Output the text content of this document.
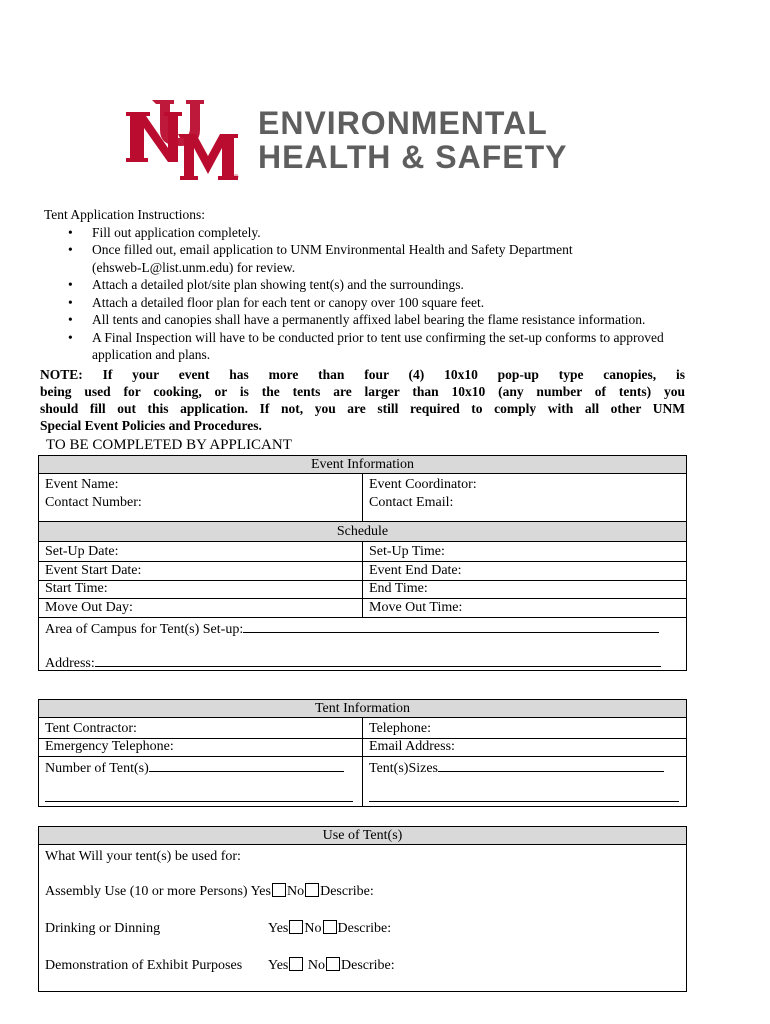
®
ENVIRONMENTAL
HEALTH & SAFETY
Tent Application Instructions:
• Fill out application completely.
• Once filled out, email application to UNM Environmental Health and Safety Department
(ehsweb-L@list.unm.edu) for review.
• Attach a detailed plot/site plan showing tent(s) and the surroundings.
• Attach a detailed floor plan for each tent or canopy over 100 square feet.
• All tents and canopies shall have a permanently affixed label bearing the flame resistance information.
• A Final Inspection will have to be conducted prior to tent use confirming the set-up conforms to approved
application and plans.
NOTE: If your event has more than four (4) 10x10 pop-up type canopies, is
being used for cooking, or is the tents are larger than 10x10 (any number of tents) you
should fill out this application. If not, you are still required to comply with all other UNM
Special Event Policies and Procedures.
TO BE COMPLETED BY APPLICANT
Event Information
Event Name:	Event Coordinator:
Contact Number:	Contact Email:
Schedule
Set-Up Date:	Set-Up Time:
Event Start Date:	Event End Date:
Start Time:	End Time:
Move Out Day:	Move Out Time:
Area of Campus for Tent(s) Set-up:
Address:
Tent Information
Tent Contractor:	Telephone:
Emergency Telephone:	Email Address:
Number of Tent(s)	Tent(s)Sizes
Use of Tent(s)
What Will your tent(s) be used for:
Assembly Use (10 or more Persons) Yes No Describe:
Drinking or Dinning	Yes No Describe:
Demonstration of Exhibit Purposes Yes No Describe:
